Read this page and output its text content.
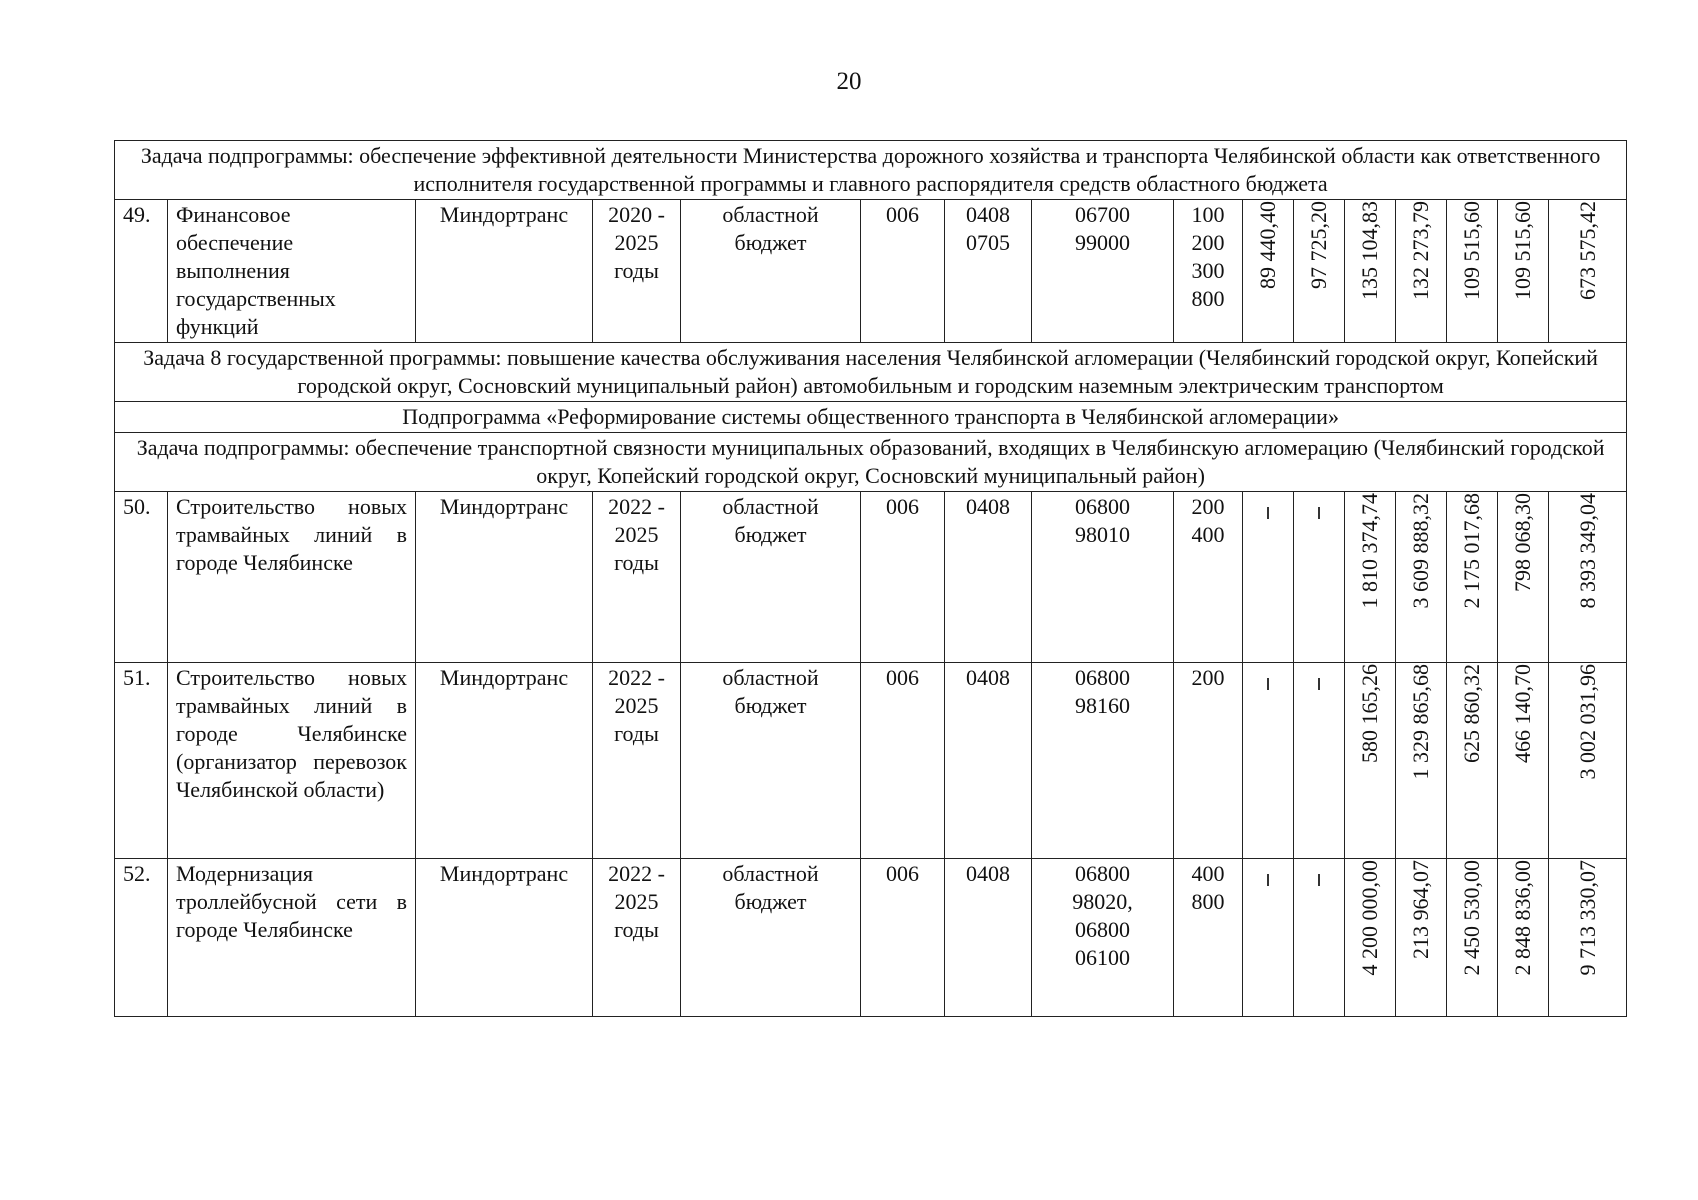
20
Задача подпрограммы: обеспечение эффективной деятельности Министерства дорожного хозяйства и транспорта Челябинской области как ответственного исполнителя государственной программы и главного распорядителя средств областного бюджета															
49.	Финансовое обеспечение выполнения государственных функций	Миндортранс	2020 -
2025
годы	областной
бюджет	006	0408
0705	06700
99000	100
200
300
800	89 440,40	97 725,20	135 104,83	132 273,79	109 515,60	109 515,60	673 575,42

Задача 8 государственной программы: повышение качества обслуживания населения Челябинской агломерации (Челябинский городской округ, Копейский городской округ, Сосновский муниципальный район) автомобильным и городским наземным электрическим транспортом															
Подпрограмма «Реформирование системы общественного транспорта в Челябинской агломерации»															
Задача подпрограммы: обеспечение транспортной связности муниципальных образований, входящих в Челябинскую агломерацию (Челябинский городской округ, Копейский городской округ, Сосновский муниципальный район)															
50.	Строительство новых трамвайных линий в городе Челябинске	Миндортранс	2022 -
2025
годы	областной
бюджет	006	0408	06800
98010	200
400			1 810 374,74	3 609 888,32	2 175 017,68	798 068,30	8 393 349,04

51.	Строительство новых трамвайных линий в городе Челябинске (организатор перевозок Челябинской области)	Миндортранс	2022 -
2025
годы	областной
бюджет	006	0408	06800
98160	200			580 165,26	1 329 865,68	625 860,32	466 140,70	3 002 031,96

52.	Модернизация троллейбусной сети в городе Челябинске	Миндортранс	2022 -
2025
годы	областной
бюджет	006	0408	06800
98020,
06800
06100	400
800			4 200 000,00	213 964,07	2 450 530,00	2 848 836,00	9 713 330,07
